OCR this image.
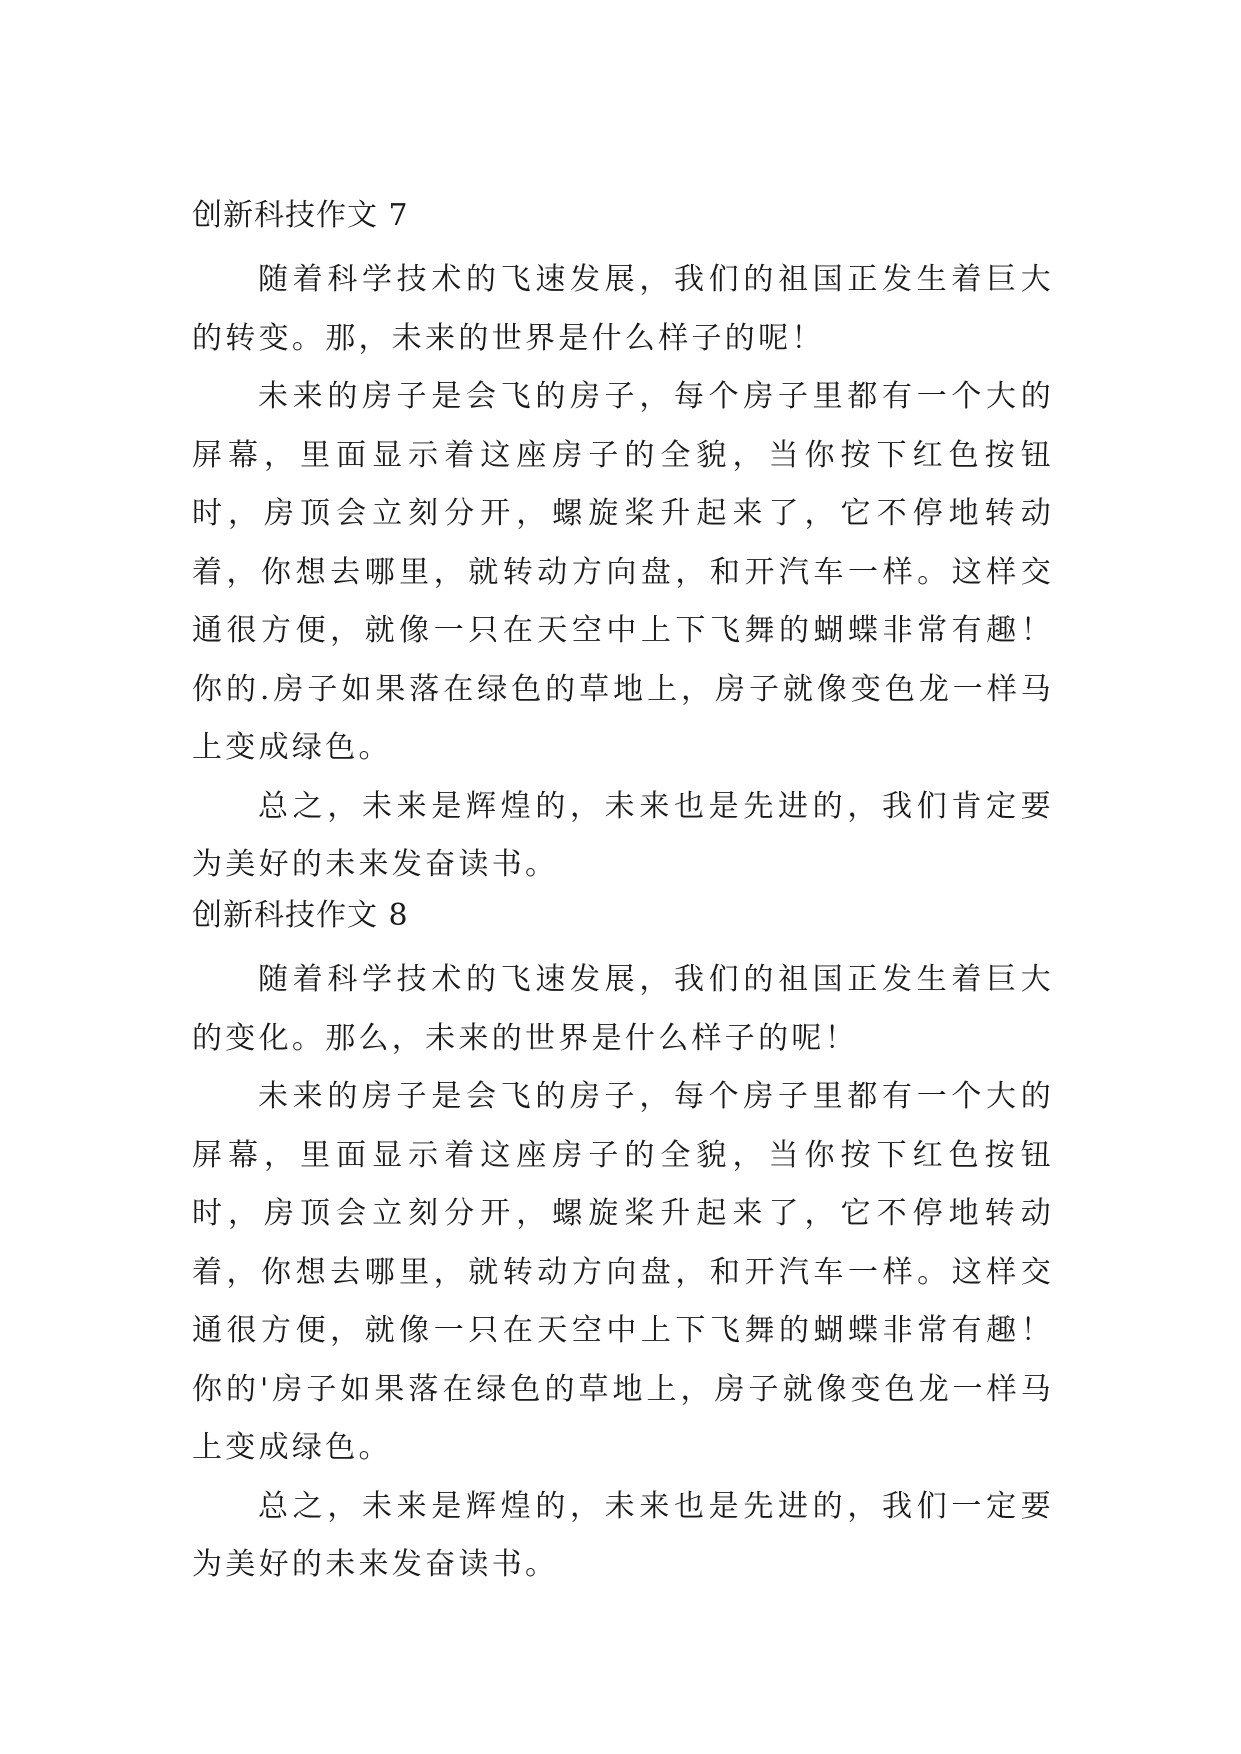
创新科技作文 7

随着科学技术的飞速发展，我们的祖国正发生着巨大的转变。那，未来的世界是什么样子的呢！

未来的房子是会飞的房子，每个房子里都有一个大的屏幕，里面显示着这座房子的全貌，当你按下红色按钮时，房顶会立刻分开，螺旋桨升起来了，它不停地转动着，你想去哪里，就转动方向盘，和开汽车一样。这样交通很方便，就像一只在天空中上下飞舞的蝴蝶非常有趣！你的.房子如果落在绿色的草地上，房子就像变色龙一样马上变成绿色。

总之，未来是辉煌的，未来也是先进的，我们肯定要为美好的未来发奋读书。

创新科技作文 8

随着科学技术的飞速发展，我们的祖国正发生着巨大的变化。那么，未来的世界是什么样子的呢！

未来的房子是会飞的房子，每个房子里都有一个大的屏幕，里面显示着这座房子的全貌，当你按下红色按钮时，房顶会立刻分开，螺旋桨升起来了，它不停地转动着，你想去哪里，就转动方向盘，和开汽车一样。这样交通很方便，就像一只在天空中上下飞舞的蝴蝶非常有趣！你的'房子如果落在绿色的草地上，房子就像变色龙一样马上变成绿色。

总之，未来是辉煌的，未来也是先进的，我们一定要为美好的未来发奋读书。
